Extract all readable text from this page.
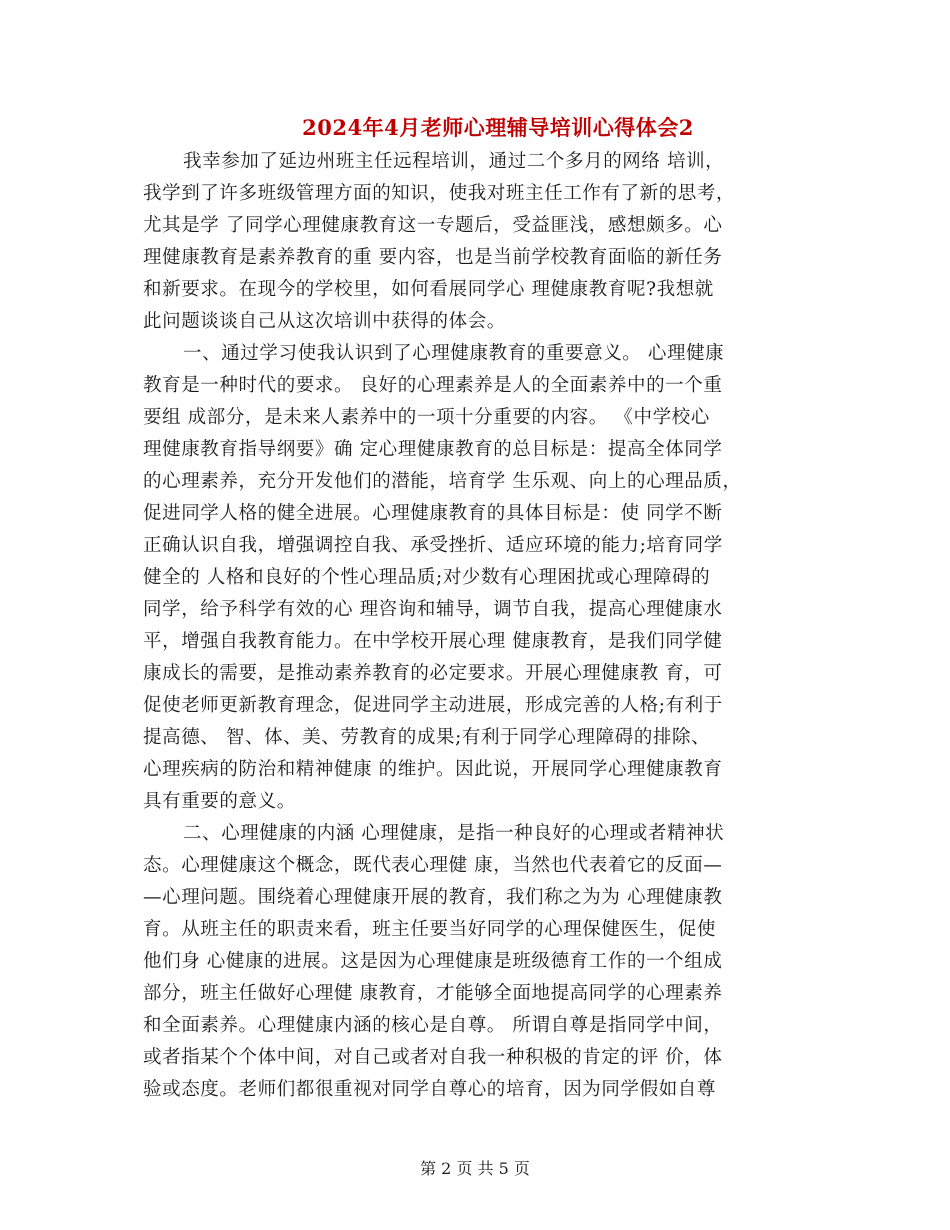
2024年4月老师心理辅导培训心得体会2
我幸参加了延边州班主任远程培训，通过二个多月的网络 培训，
我学到了许多班级管理方面的知识，使我对班主任工作有了新的思考，
尤其是学 了同学心理健康教育这一专题后，受益匪浅，感想颇多。心
理健康教育是素养教育的重 要内容，也是当前学校教育面临的新任务
和新要求。在现今的学校里，如何看展同学心 理健康教育呢?我想就
此问题谈谈自己从这次培训中获得的体会。
一、通过学习使我认识到了心理健康教育的重要意义。 心理健康
教育是一种时代的要求。 良好的心理素养是人的全面素养中的一个重
要组 成部分，是未来人素养中的一项十分重要的内容。 《中学校心
理健康教育指导纲要》确 定心理健康教育的总目标是：提高全体同学
的心理素养，充分开发他们的潜能，培育学 生乐观、向上的心理品质，
促进同学人格的健全进展。心理健康教育的具体目标是：使 同学不断
正确认识自我，增强调控自我、承受挫折、适应环境的能力;培育同学
健全的 人格和良好的个性心理品质;对少数有心理困扰或心理障碍的
同学，给予科学有效的心 理咨询和辅导，调节自我，提高心理健康水
平，增强自我教育能力。在中学校开展心理 健康教育，是我们同学健
康成长的需要，是推动素养教育的必定要求。开展心理健康教 育，可
促使老师更新教育理念，促进同学主动进展，形成完善的人格;有利于
提高德、 智、体、美、劳教育的成果;有利于同学心理障碍的排除、
心理疾病的防治和精神健康 的维护。因此说，开展同学心理健康教育
具有重要的意义。
二、心理健康的内涵 心理健康，是指一种良好的心理或者精神状
态。心理健康这个概念，既代表心理健 康，当然也代表着它的反面—
—心理问题。围绕着心理健康开展的教育，我们称之为为 心理健康教
育。从班主任的职责来看，班主任要当好同学的心理保健医生，促使
他们身 心健康的进展。这是因为心理健康是班级德育工作的一个组成
部分，班主任做好心理健 康教育，才能够全面地提高同学的心理素养
和全面素养。心理健康内涵的核心是自尊。 所谓自尊是指同学中间，
或者指某个个体中间，对自己或者对自我一种积极的肯定的评 价，体
验或态度。老师们都很重视对同学自尊心的培育，因为同学假如自尊
第 2 页 共 5 页
